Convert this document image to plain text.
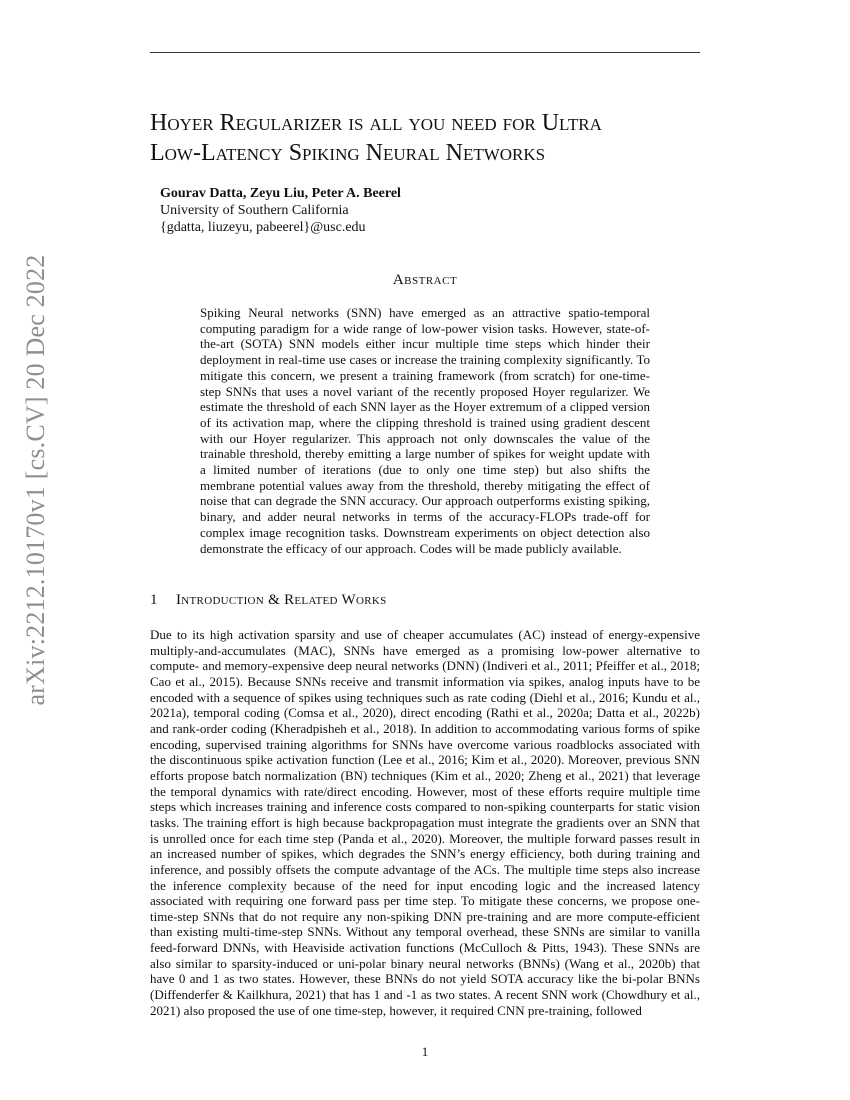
arXiv:2212.10170v1 [cs.CV] 20 Dec 2022
Hoyer Regularizer is all you need for Ultra
Low-Latency Spiking Neural Networks
Gourav Datta, Zeyu Liu, Peter A. Beerel
University of Southern California
{gdatta, liuzeyu, pabeerel}@usc.edu
Abstract

Spiking Neural networks (SNN) have emerged as an attractive spatio-temporal computing paradigm for a wide range of low-power vision tasks. However, state-of-the-art (SOTA) SNN models either incur multiple time steps which hinder their deployment in real-time use cases or increase the training complexity significantly. To mitigate this concern, we present a training framework (from scratch) for one-time-step SNNs that uses a novel variant of the recently proposed Hoyer regularizer. We estimate the threshold of each SNN layer as the Hoyer extremum of a clipped version of its activation map, where the clipping threshold is trained using gradient descent with our Hoyer regularizer. This approach not only downscales the value of the trainable threshold, thereby emitting a large number of spikes for weight update with a limited number of iterations (due to only one time step) but also shifts the membrane potential values away from the threshold, thereby mitigating the effect of noise that can degrade the SNN accuracy. Our approach outperforms existing spiking, binary, and adder neural networks in terms of the accuracy-FLOPs trade-off for complex image recognition tasks. Downstream experiments on object detection also demonstrate the efficacy of our approach. Codes will be made publicly available.

1 Introduction & Related Works

Due to its high activation sparsity and use of cheaper accumulates (AC) instead of energy-expensive multiply-and-accumulates (MAC), SNNs have emerged as a promising low-power alternative to compute- and memory-expensive deep neural networks (DNN) (Indiveri et al., 2011; Pfeiffer et al., 2018; Cao et al., 2015). Because SNNs receive and transmit information via spikes, analog inputs have to be encoded with a sequence of spikes using techniques such as rate coding (Diehl et al., 2016; Kundu et al., 2021a), temporal coding (Comsa et al., 2020), direct encoding (Rathi et al., 2020a; Datta et al., 2022b) and rank-order coding (Kheradpisheh et al., 2018). In addition to accommodating various forms of spike encoding, supervised training algorithms for SNNs have overcome various roadblocks associated with the discontinuous spike activation function (Lee et al., 2016; Kim et al., 2020). Moreover, previous SNN efforts propose batch normalization (BN) techniques (Kim et al., 2020; Zheng et al., 2021) that leverage the temporal dynamics with rate/direct encoding. However, most of these efforts require multiple time steps which increases training and inference costs compared to non-spiking counterparts for static vision tasks. The training effort is high because backpropagation must integrate the gradients over an SNN that is unrolled once for each time step (Panda et al., 2020). Moreover, the multiple forward passes result in an increased number of spikes, which degrades the SNN’s energy efficiency, both during training and inference, and possibly offsets the compute advantage of the ACs. The multiple time steps also increase the inference complexity because of the need for input encoding logic and the increased latency associated with requiring one forward pass per time step. To mitigate these concerns, we propose one-time-step SNNs that do not require any non-spiking DNN pre-training and are more compute-efficient than existing multi-time-step SNNs. Without any temporal overhead, these SNNs are similar to vanilla feed-forward DNNs, with Heaviside activation functions (McCulloch & Pitts, 1943). These SNNs are also similar to sparsity-induced or uni-polar binary neural networks (BNNs) (Wang et al., 2020b) that have 0 and 1 as two states. However, these BNNs do not yield SOTA accuracy like the bi-polar BNNs (Diffenderfer & Kailkhura, 2021) that has 1 and -1 as two states. A recent SNN work (Chowdhury et al., 2021) also proposed the use of one time-step, however, it required CNN pre-training, followed

1
